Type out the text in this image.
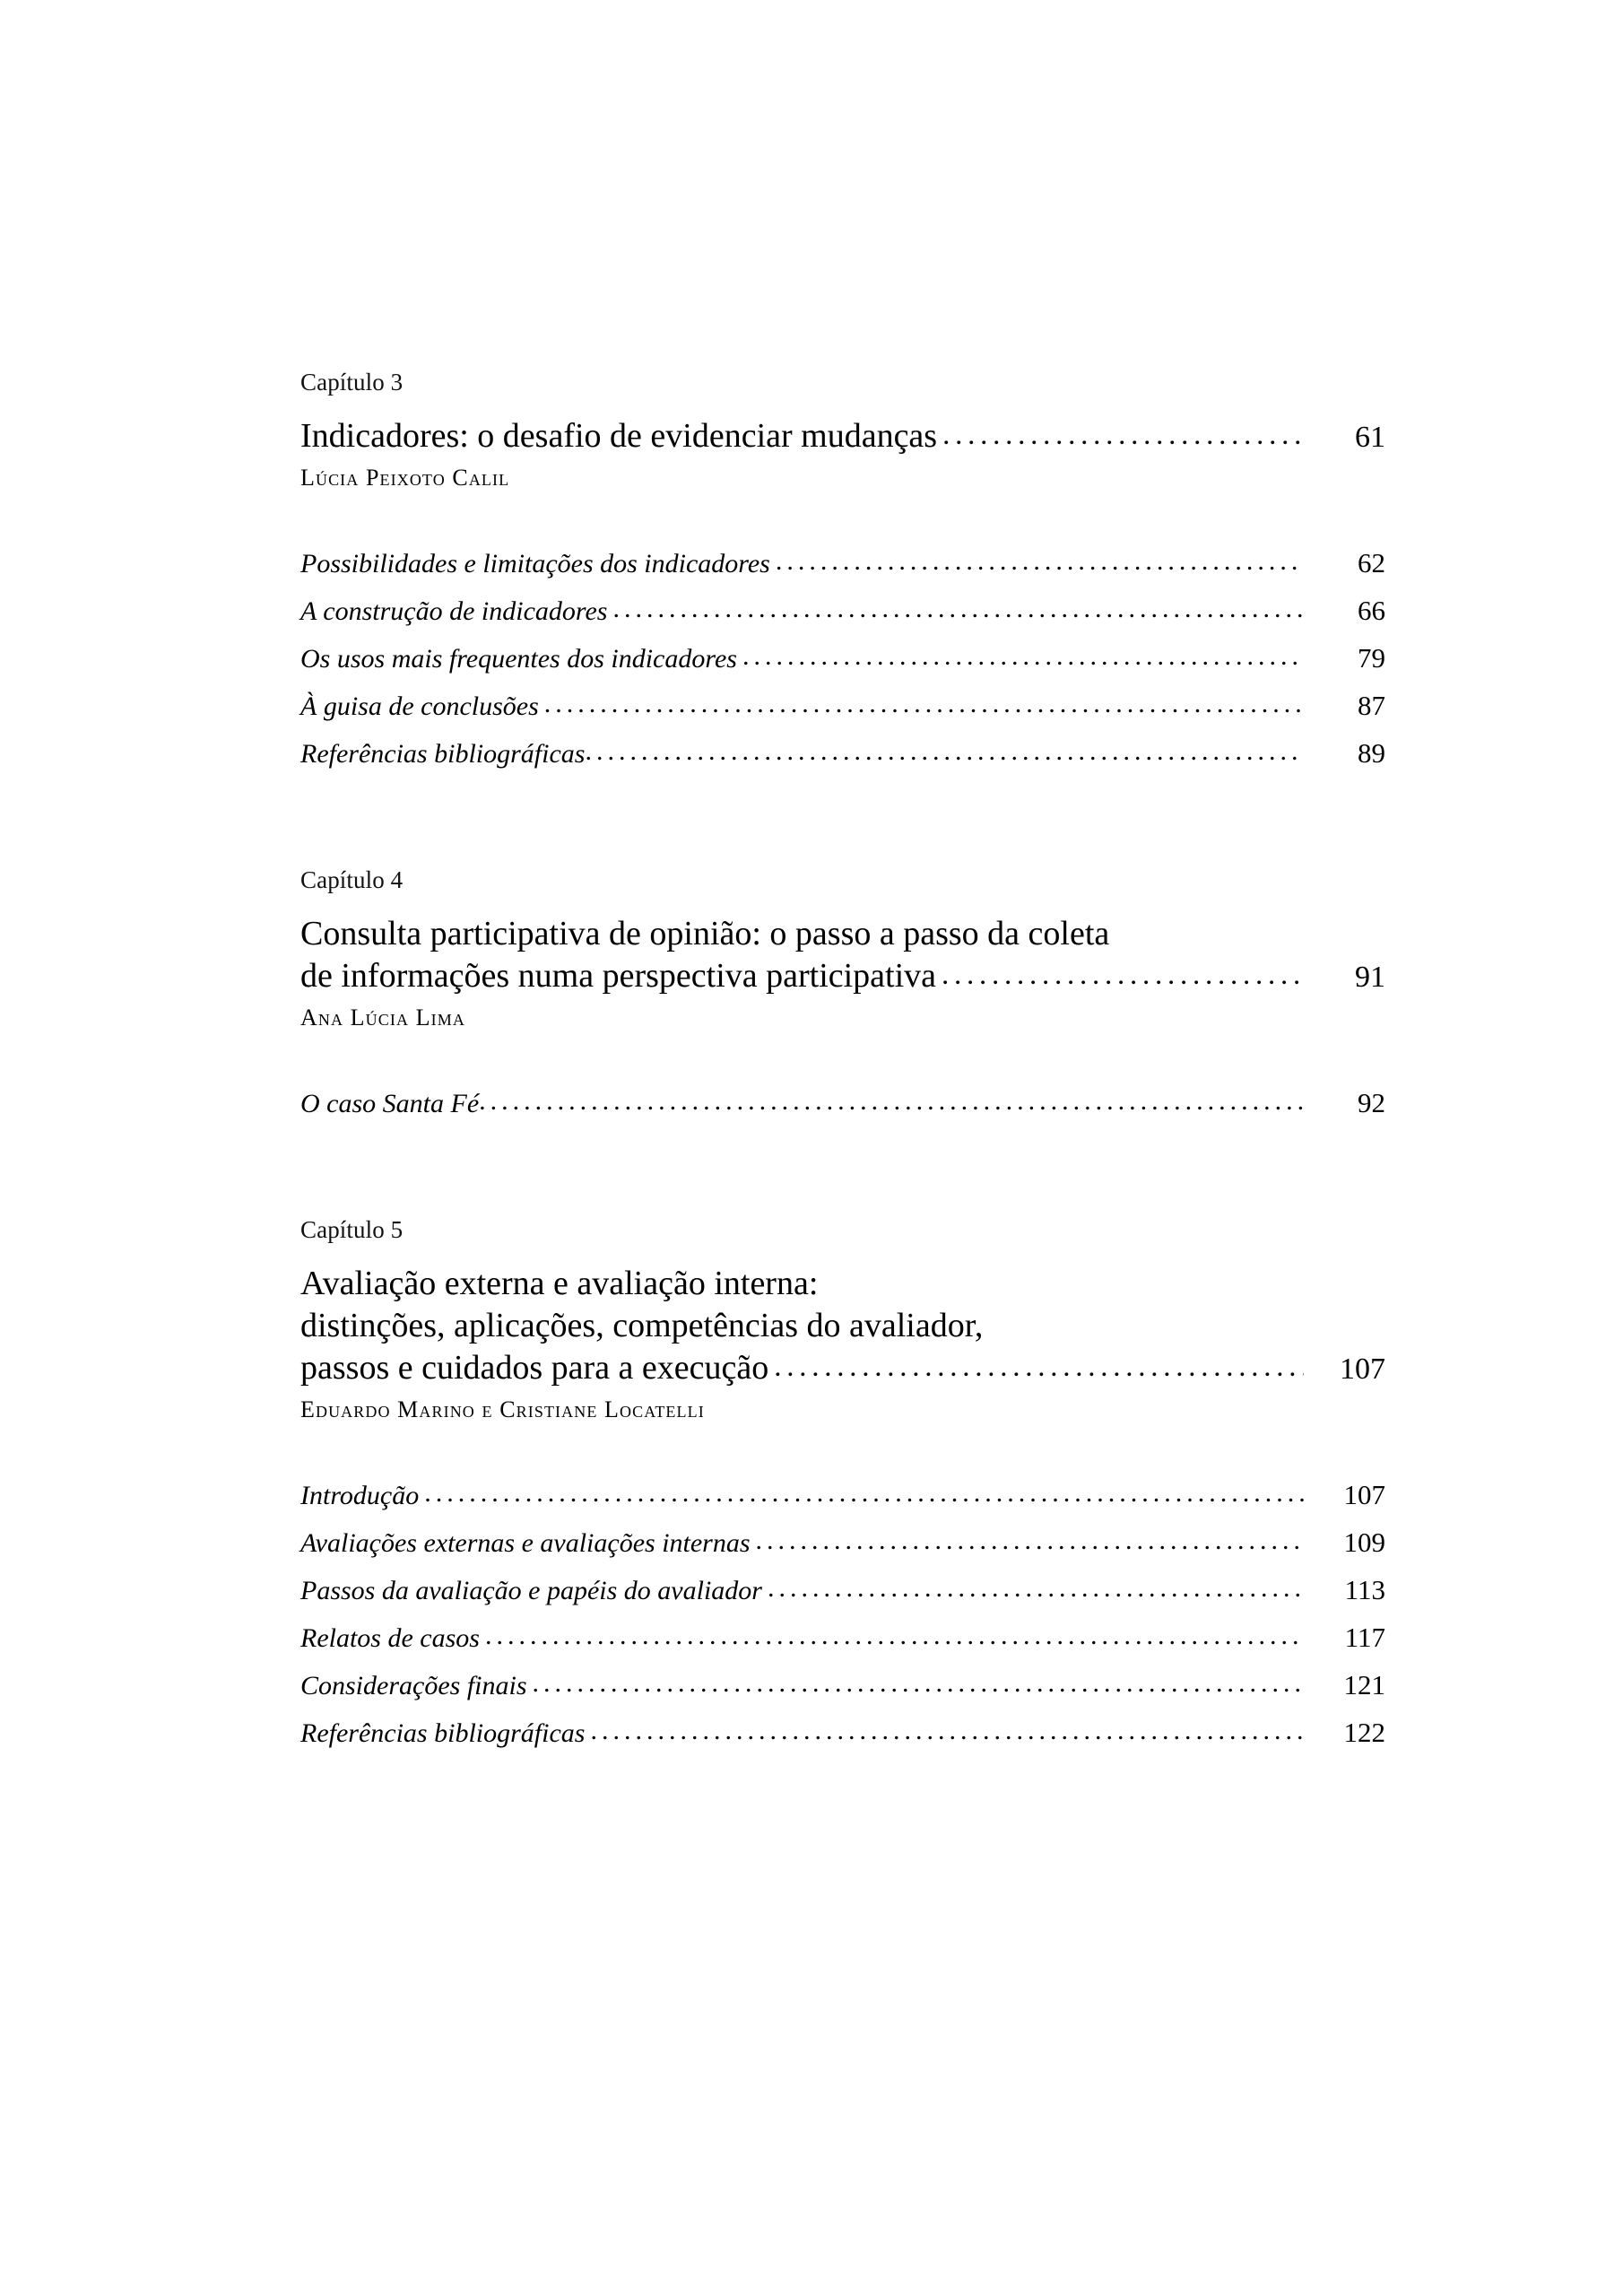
Capítulo 3
Indicadores: o desafio de evidenciar mudanças . . .	61
Lúcia Peixoto Calil
Possibilidades e limitações dos indicadores . . .	62
A construção de indicadores . . .	66
Os usos mais frequentes dos indicadores . . .	79
À guisa de conclusões . . .	87
Referências bibliográficas . . .	89
Capítulo 4
Consulta participativa de opinião: o passo a passo da coleta
de informações numa perspectiva participativa . . .	91
Ana Lúcia Lima
O caso Santa Fé . . .	92
Capítulo 5
Avaliação externa e avaliação interna:
distinções, aplicações, competências do avaliador,
passos e cuidados para a execução . . .	107
Eduardo Marino e Cristiane Locatelli
Introdução . . .	107
Avaliações externas e avaliações internas . . .	109
Passos da avaliação e papéis do avaliador . . .	113
Relatos de casos . . .	117
Considerações finais . . .	121
Referências bibliográficas . . .	122
